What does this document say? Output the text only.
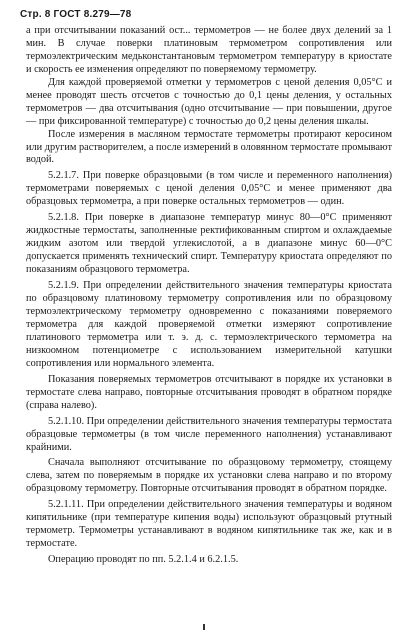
Стр. 8 ГОСТ 8.279—78

а при отсчитывании показаний ост... термометров — не более двух делений за 1 мин. В случае поверки платиновым термометром сопротивления или термоэлектрическим медьконстантановым термометром температуру в криостате и скорость ее изменения определяют по поверяемому термометру.

Для каждой проверяемой отметки у термометров с ценой деления 0,05°С и менее проводят шесть отсчетов с точностью до 0,1 цены деления, у остальных термометров — два отсчитывания (одно отсчитывание — при повышении, другое — при фиксированной температуре) с точностью до 0,2 цены деления шкалы.

После измерения в масляном термостате термометры протирают керосином или другим растворителем, а после измерений в оловянном термостате промывают водой.

5.2.1.7. При поверке образцовыми (в том числе и переменного наполнения) термометрами поверяемых с ценой деления 0,05°С и менее применяют два образцовых термометра, а при поверке остальных термометров — один.

5.2.1.8. При поверке в диапазоне температур минус 80—0°С применяют жидкостные термостаты, заполненные ректификованным спиртом и охлаждаемые жидким азотом или твердой углекислотой, а в диапазоне минус 60—0°С допускается применять технический спирт. Температуру криостата определяют по показаниям образцового термометра.

5.2.1.9. При определении действительного значения температуры криостата по образцовому платиновому термометру сопротивления или по образцовому термоэлектрическому термометру одновременно с показаниями поверяемого термометра для каждой проверяемой отметки измеряют сопротивление платинового термометра или т. э. д. с. термоэлектрического термометра на низкоомном потенциометре с использованием измерительной катушки сопротивления или нормального элемента.

Показания поверяемых термометров отсчитывают в порядке их установки в термостате слева направо, повторные отсчитывания проводят в обратном порядке (справа налево).

5.2.1.10. При определении действительного значения температуры термостата образцовые термометры (в том числе переменного наполнения) устанавливают крайними.

Сначала выполняют отсчитывание по образцовому термометру, стоящему слева, затем по поверяемым в порядке их установки слева направо и по второму образцовому термометру. Повторные отсчитывания проводят в обратном порядке.

5.2.1.11. При определении действительного значения температуры и водяном кипятильнике (при температуре кипения воды) используют образцовый ртутный термометр. Термометры устанавливают в водяном кипятильнике так же, как и в термостате.

Операцию проводят по пп. 5.2.1.4 и 6.2.1.5.
